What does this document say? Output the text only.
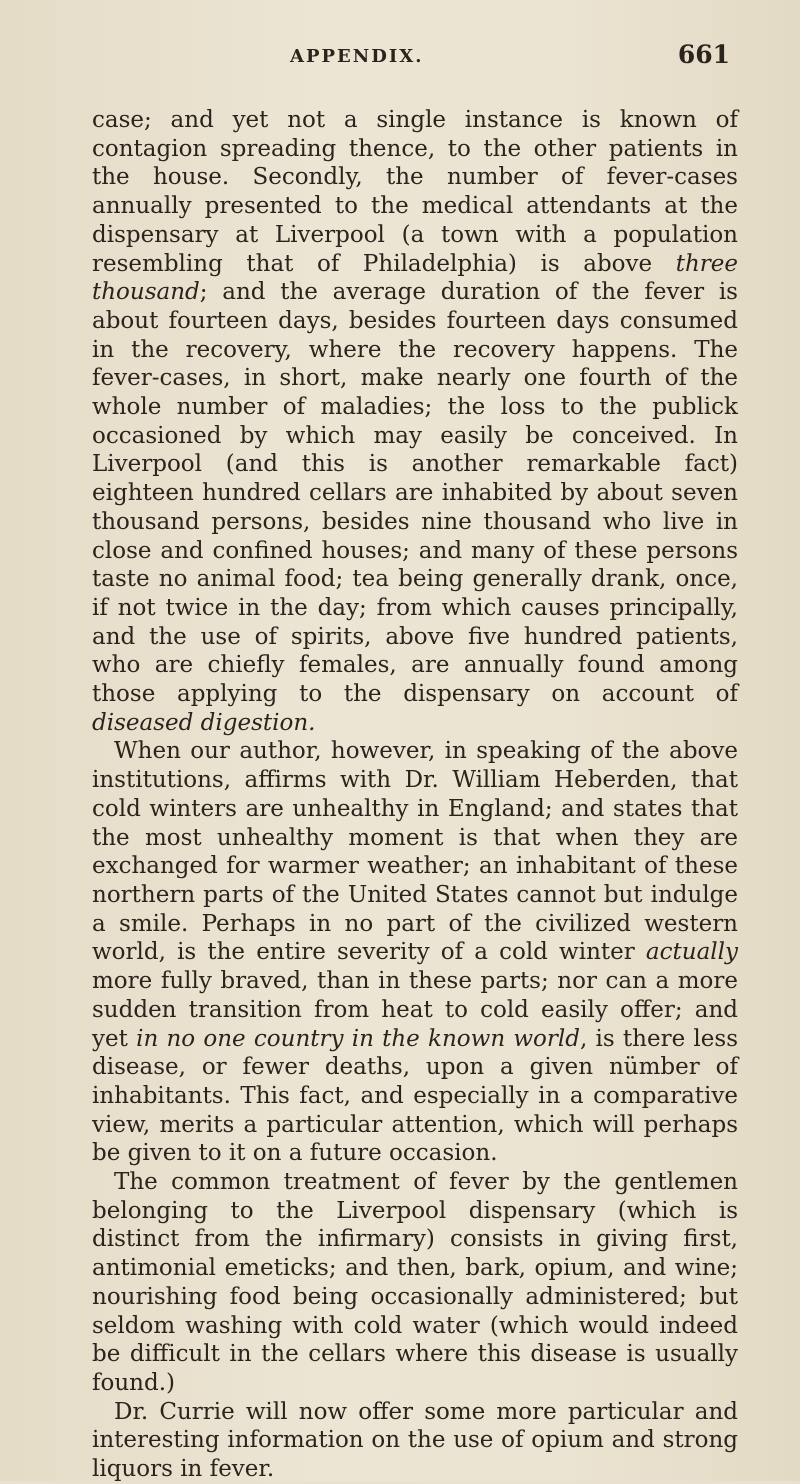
APPENDIX.	661

case; and yet not a single instance is known of contagion spreading thence, to the other patients in the house. Secondly, the number of fever-cases annually presented to the medical attendants at the dispensary at Liverpool (a town with a population resembling that of Philadelphia) is above three thousand; and the average duration of the fever is about fourteen days, besides fourteen days consumed in the recovery, where the recovery happens. The fever-cases, in short, make nearly one fourth of the whole number of maladies; the loss to the publick occasioned by which may easily be conceived. In Liverpool (and this is another remarkable fact) eighteen hundred cellars are inhabited by about seven thousand persons, besides nine thousand who live in close and confined houses; and many of these persons taste no animal food; tea being generally drank, once, if not twice in the day; from which causes principally, and the use of spirits, above five hundred patients, who are chiefly females, are annually found among those applying to the dispensary on account of diseased digestion.

When our author, however, in speaking of the above institutions, affirms with Dr. William Heberden, that cold winters are unhealthy in England; and states that the most unhealthy moment is that when they are exchanged for warmer weather; an inhabitant of these northern parts of the United States cannot but indulge a smile. Perhaps in no part of the civilized western world, is the entire severity of a cold winter actually more fully braved, than in these parts; nor can a more sudden transition from heat to cold easily offer; and yet in no one country in the known world, is there less disease, or fewer deaths, upon a given nümber of inhabitants. This fact, and especially in a comparative view, merits a particular attention, which will perhaps be given to it on a future occasion.

The common treatment of fever by the gentlemen belonging to the Liverpool dispensary (which is distinct from the infirmary) consists in giving first, antimonial emeticks; and then, bark, opium, and wine; nourishing food being occasionally administered; but seldom washing with cold water (which would indeed be difficult in the cellars where this disease is usually found.)

Dr. Currie will now offer some more particular and interesting information on the use of opium and strong liquors in fever.
